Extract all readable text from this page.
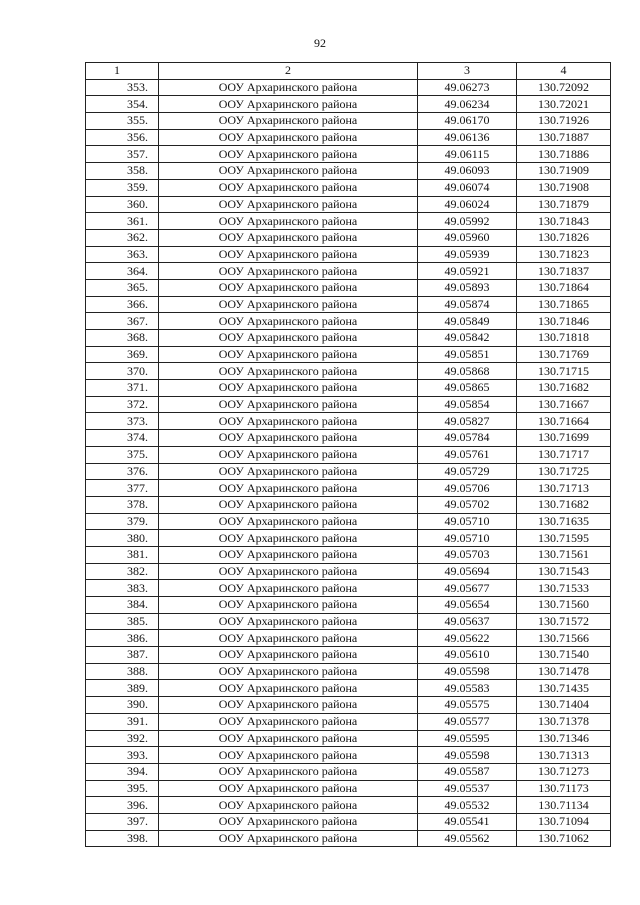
92
1	2	3	4
353.	ООУ Архаринского района	49.06273	130.72092
354.	ООУ Архаринского района	49.06234	130.72021
355.	ООУ Архаринского района	49.06170	130.71926
356.	ООУ Архаринского района	49.06136	130.71887
357.	ООУ Архаринского района	49.06115	130.71886
358.	ООУ Архаринского района	49.06093	130.71909
359.	ООУ Архаринского района	49.06074	130.71908
360.	ООУ Архаринского района	49.06024	130.71879
361.	ООУ Архаринского района	49.05992	130.71843
362.	ООУ Архаринского района	49.05960	130.71826
363.	ООУ Архаринского района	49.05939	130.71823
364.	ООУ Архаринского района	49.05921	130.71837
365.	ООУ Архаринского района	49.05893	130.71864
366.	ООУ Архаринского района	49.05874	130.71865
367.	ООУ Архаринского района	49.05849	130.71846
368.	ООУ Архаринского района	49.05842	130.71818
369.	ООУ Архаринского района	49.05851	130.71769
370.	ООУ Архаринского района	49.05868	130.71715
371.	ООУ Архаринского района	49.05865	130.71682
372.	ООУ Архаринского района	49.05854	130.71667
373.	ООУ Архаринского района	49.05827	130.71664
374.	ООУ Архаринского района	49.05784	130.71699
375.	ООУ Архаринского района	49.05761	130.71717
376.	ООУ Архаринского района	49.05729	130.71725
377.	ООУ Архаринского района	49.05706	130.71713
378.	ООУ Архаринского района	49.05702	130.71682
379.	ООУ Архаринского района	49.05710	130.71635
380.	ООУ Архаринского района	49.05710	130.71595
381.	ООУ Архаринского района	49.05703	130.71561
382.	ООУ Архаринского района	49.05694	130.71543
383.	ООУ Архаринского района	49.05677	130.71533
384.	ООУ Архаринского района	49.05654	130.71560
385.	ООУ Архаринского района	49.05637	130.71572
386.	ООУ Архаринского района	49.05622	130.71566
387.	ООУ Архаринского района	49.05610	130.71540
388.	ООУ Архаринского района	49.05598	130.71478
389.	ООУ Архаринского района	49.05583	130.71435
390.	ООУ Архаринского района	49.05575	130.71404
391.	ООУ Архаринского района	49.05577	130.71378
392.	ООУ Архаринского района	49.05595	130.71346
393.	ООУ Архаринского района	49.05598	130.71313
394.	ООУ Архаринского района	49.05587	130.71273
395.	ООУ Архаринского района	49.05537	130.71173
396.	ООУ Архаринского района	49.05532	130.71134
397.	ООУ Архаринского района	49.05541	130.71094
398.	ООУ Архаринского района	49.05562	130.71062
